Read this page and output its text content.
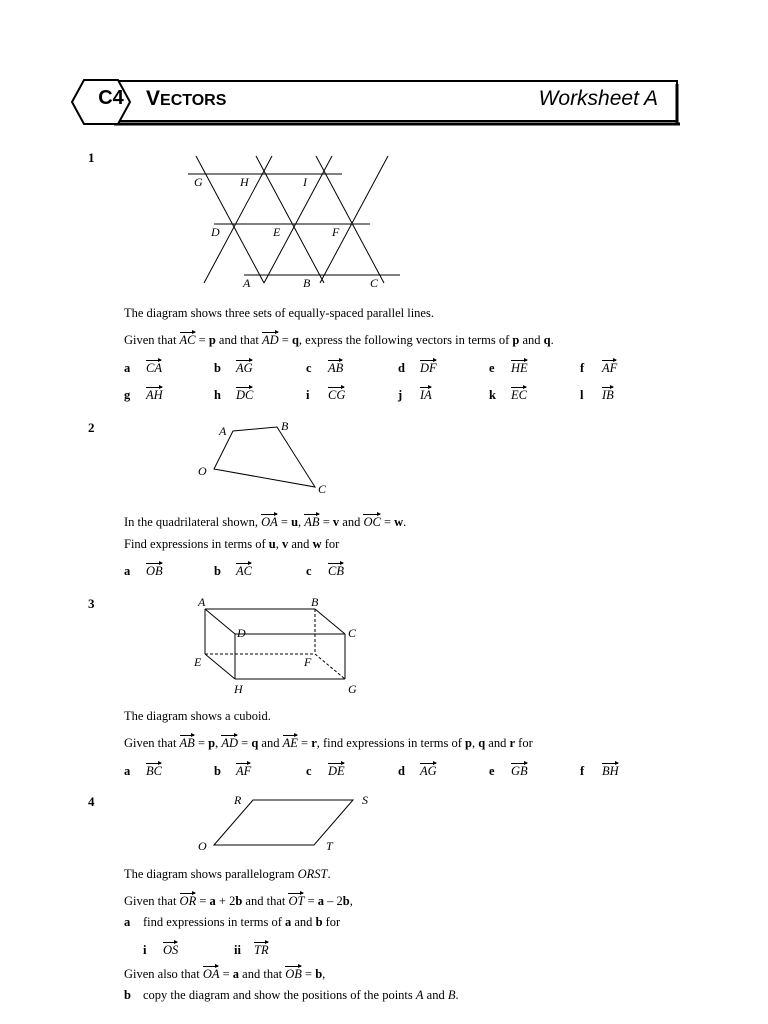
C4	VECTORS	Worksheet A
1
G	H	I
D	E	F
A	B	C
The diagram shows three sets of equally-spaced parallel lines.
Given that AC = p and that AD = q, express the following vectors in terms of p and q.
a CA	b AG	c AB	d DF	e HE	f AF
g AH	h DC	i CG	j IA	k EC	l IB
2	A	B
O
C
In the quadrilateral shown, OA = u, AB = v and OC = w.
Find expressions in terms of u, v and w for
a OB	b AC	c CB
3	A	B
D	C
E	F
H	G
The diagram shows a cuboid.
Given that AB = p, AD = q and AE = r, find expressions in terms of p, q and r for
a BC	b AF	c DE	d AG	e GB	f BH
4	R	S
O	T
The diagram shows parallelogram ORST.
Given that OR = a + 2b and that OT = a – 2b,
a find expressions in terms of a and b for
i OS	ii TR
Given also that OA = a and that OB = b,
b copy the diagram and show the positions of the points A and B.
